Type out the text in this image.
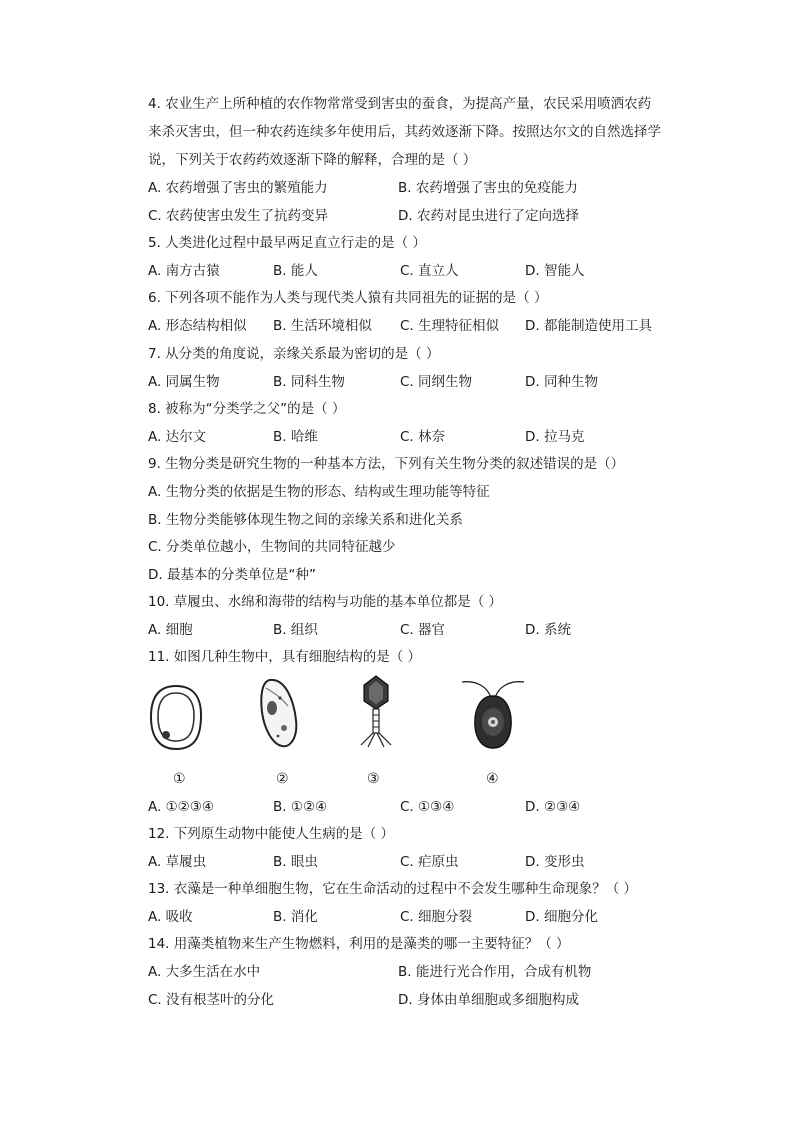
4. 农业生产上所种植的农作物常常受到害虫的蚕食，为提高产量，农民采用喷洒农药
来杀灭害虫，但一种农药连续多年使用后，其药效逐渐下降。按照达尔文的自然选择学
说，下列关于农药药效逐渐下降的解释，合理的是（ ）
A. 农药增强了害虫的繁殖能力	B. 农药增强了害虫的免疫能力
C. 农药使害虫发生了抗药变异	D. 农药对昆虫进行了定向选择
5. 人类进化过程中最早两足直立行走的是（ ）
A. 南方古猿	B. 能人	C. 直立人	D. 智能人
6. 下列各项不能作为人类与现代类人猿有共同祖先的证据的是（ ）
A. 形态结构相似 B. 生活环境相似 C. 生理特征相似 D. 都能制造使用工具
7. 从分类的角度说，亲缘关系最为密切的是（ ）
A. 同属生物	B. 同科生物	C. 同纲生物	D. 同种生物
8. 被称为“分类学之父”的是（ ）
A. 达尔文	B. 哈维	C. 林奈	D. 拉马克
9. 生物分类是研究生物的一种基本方法，下列有关生物分类的叙述错误的是（）
A. 生物分类的依据是生物的形态、结构或生理功能等特征
B. 生物分类能够体现生物之间的亲缘关系和进化关系
C. 分类单位越小，生物间的共同特征越少
D. 最基本的分类单位是“种”
10. 草履虫、水绵和海带的结构与功能的基本单位都是（ ）
A. 细胞	B. 组织	C. 器官	D. 系统
11. 如图几种生物中，具有细胞结构的是（ ）
①	②	③	④
A. ①②③④	B. ①②④	C. ①③④	D. ②③④
12. 下列原生动物中能使人生病的是（ ）
A. 草履虫	B. 眼虫	C. 疟原虫	D. 变形虫
13. 衣藻是一种单细胞生物，它在生命活动的过程中不会发生哪种生命现象？（ ）
A. 吸收	B. 消化	C. 细胞分裂	D. 细胞分化
14. 用藻类植物来生产生物燃料，利用的是藻类的哪一主要特征？（ ）
A. 大多生活在水中	B. 能进行光合作用，合成有机物
C. 没有根茎叶的分化	D. 身体由单细胞或多细胞构成
